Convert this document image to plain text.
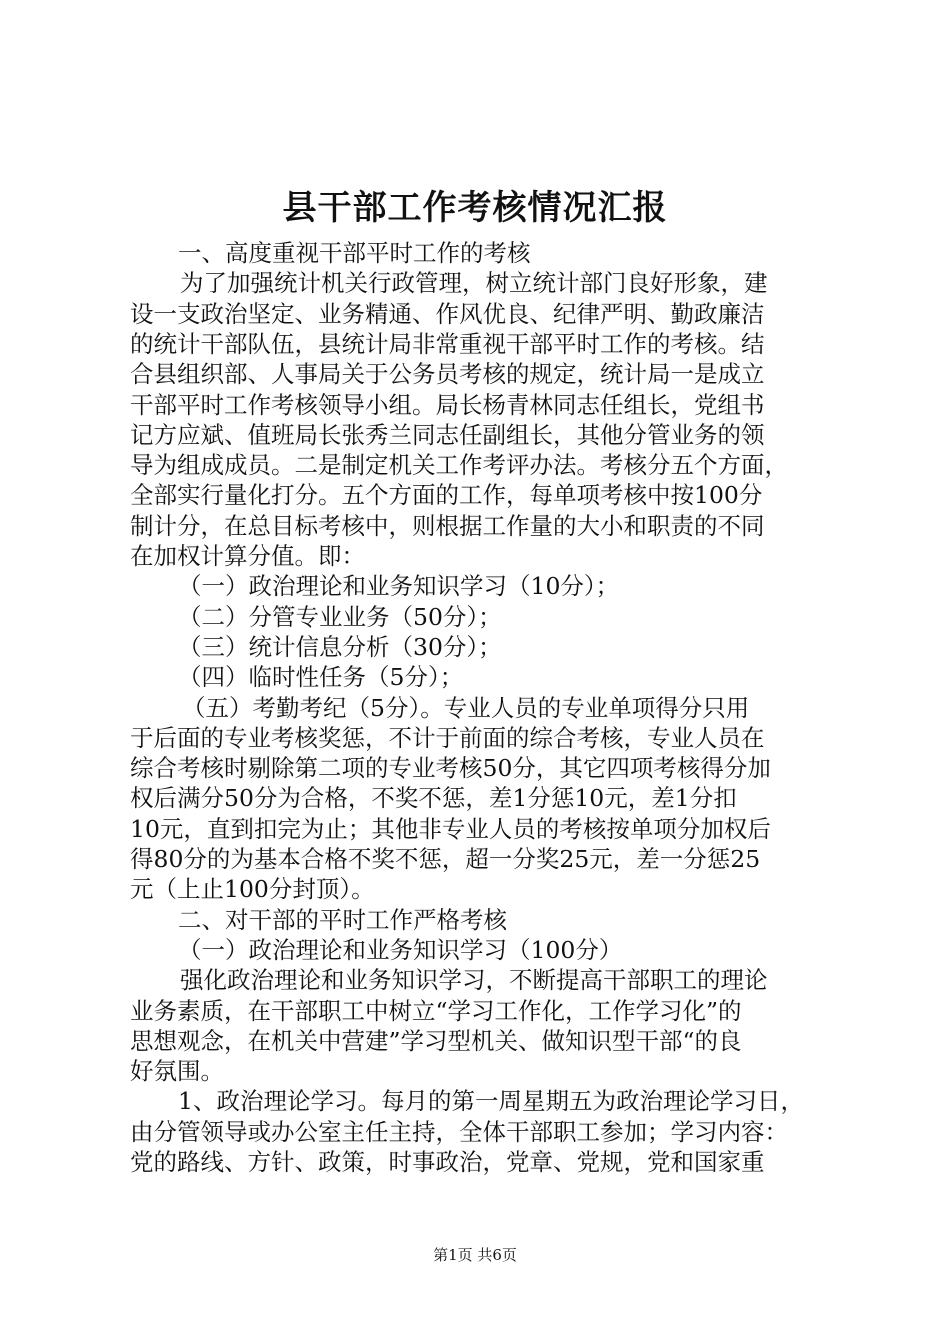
县干部工作考核情况汇报
一、高度重视干部平时工作的考核
为了加强统计机关行政管理，树立统计部门良好形象，建
设一支政治坚定、业务精通、作风优良、纪律严明、勤政廉洁
的统计干部队伍，县统计局非常重视干部平时工作的考核。结
合县组织部、人事局关于公务员考核的规定，统计局一是成立
干部平时工作考核领导小组。局长杨青林同志任组长，党组书
记方应斌、值班局长张秀兰同志任副组长，其他分管业务的领
导为组成成员。二是制定机关工作考评办法。考核分五个方面，
全部实行量化打分。五个方面的工作，每单项考核中按100分
制计分，在总目标考核中，则根据工作量的大小和职责的不同
在加权计算分值。即：
（一）政治理论和业务知识学习（10分）；
（二）分管专业业务（50分）；
（三）统计信息分析（30分）；
（四）临时性任务（5分）；
（五）考勤考纪（5分）。专业人员的专业单项得分只用
于后面的专业考核奖惩，不计于前面的综合考核，专业人员在
综合考核时剔除第二项的专业考核50分，其它四项考核得分加
权后满分50分为合格，不奖不惩，差1分惩10元，差1分扣
10元，直到扣完为止；其他非专业人员的考核按单项分加权后
得80分的为基本合格不奖不惩，超一分奖25元，差一分惩25
元（上止100分封顶）。
二、对干部的平时工作严格考核
（一）政治理论和业务知识学习（100分）
强化政治理论和业务知识学习，不断提高干部职工的理论
业务素质，在干部职工中树立“学习工作化，工作学习化”的
思想观念，在机关中营建”学习型机关、做知识型干部“的良
好氛围。
1、政治理论学习。每月的第一周星期五为政治理论学习日，
由分管领导或办公室主任主持，全体干部职工参加；学习内容：
党的路线、方针、政策，时事政治，党章、党规，党和国家重
第1页 共6页
